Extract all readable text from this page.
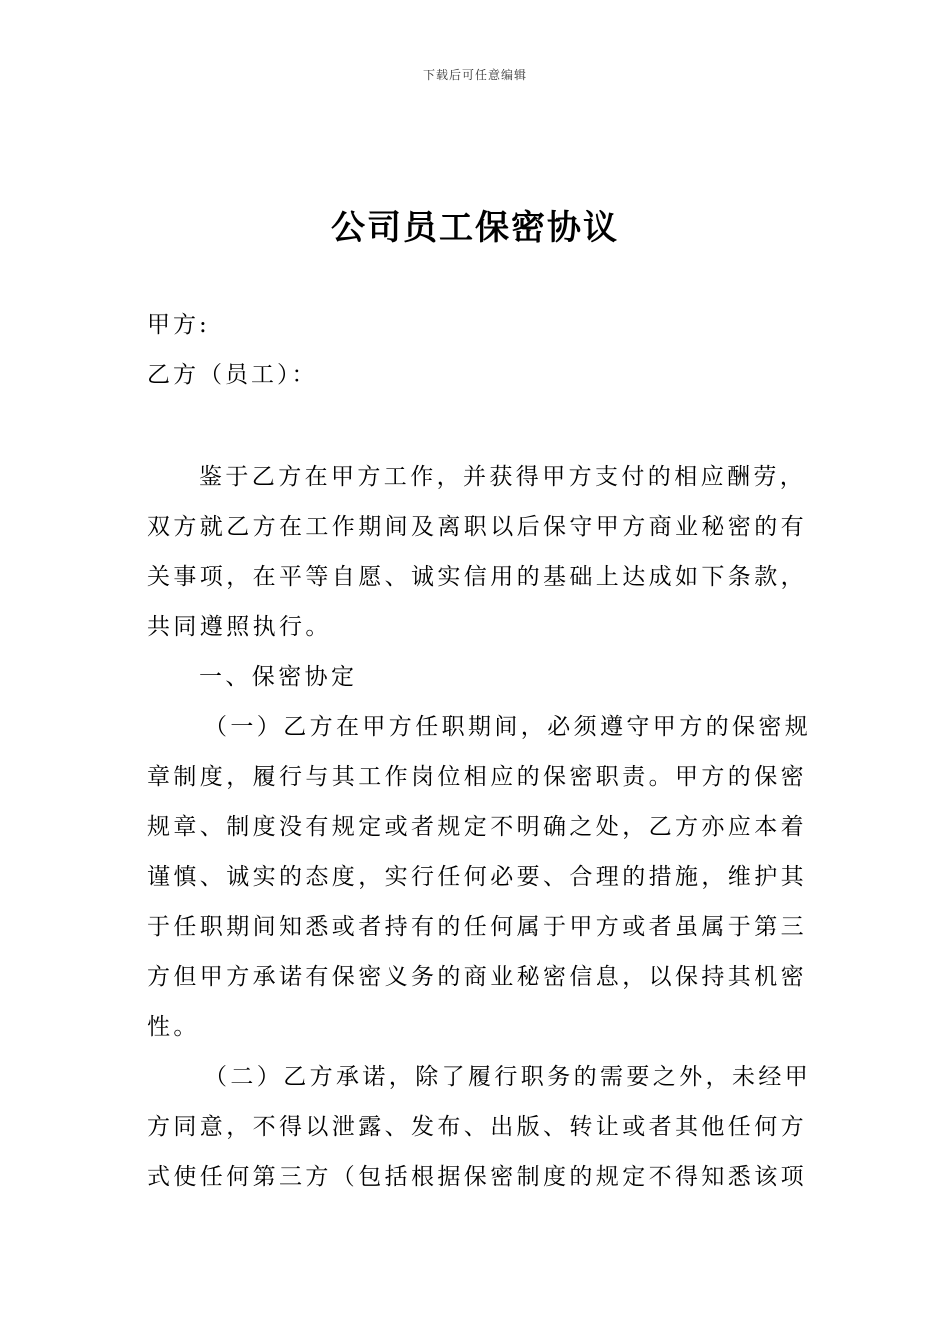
下载后可任意编辑
公司员工保密协议
甲方:
乙方（员工）：
鉴于乙方在甲方工作，并获得甲方支付的相应酬劳，
双方就乙方在工作期间及离职以后保守甲方商业秘密的有
关事项，在平等自愿、诚实信用的基础上达成如下条款，
共同遵照执行。
一、保密协定
（一）乙方在甲方任职期间，必须遵守甲方的保密规
章制度，履行与其工作岗位相应的保密职责。甲方的保密
规章、制度没有规定或者规定不明确之处，乙方亦应本着
谨慎、诚实的态度，实行任何必要、合理的措施，维护其
于任职期间知悉或者持有的任何属于甲方或者虽属于第三
方但甲方承诺有保密义务的商业秘密信息，以保持其机密
性。
（二）乙方承诺，除了履行职务的需要之外，未经甲
方同意，不得以泄露、发布、出版、转让或者其他任何方
式使任何第三方（包括根据保密制度的规定不得知悉该项
